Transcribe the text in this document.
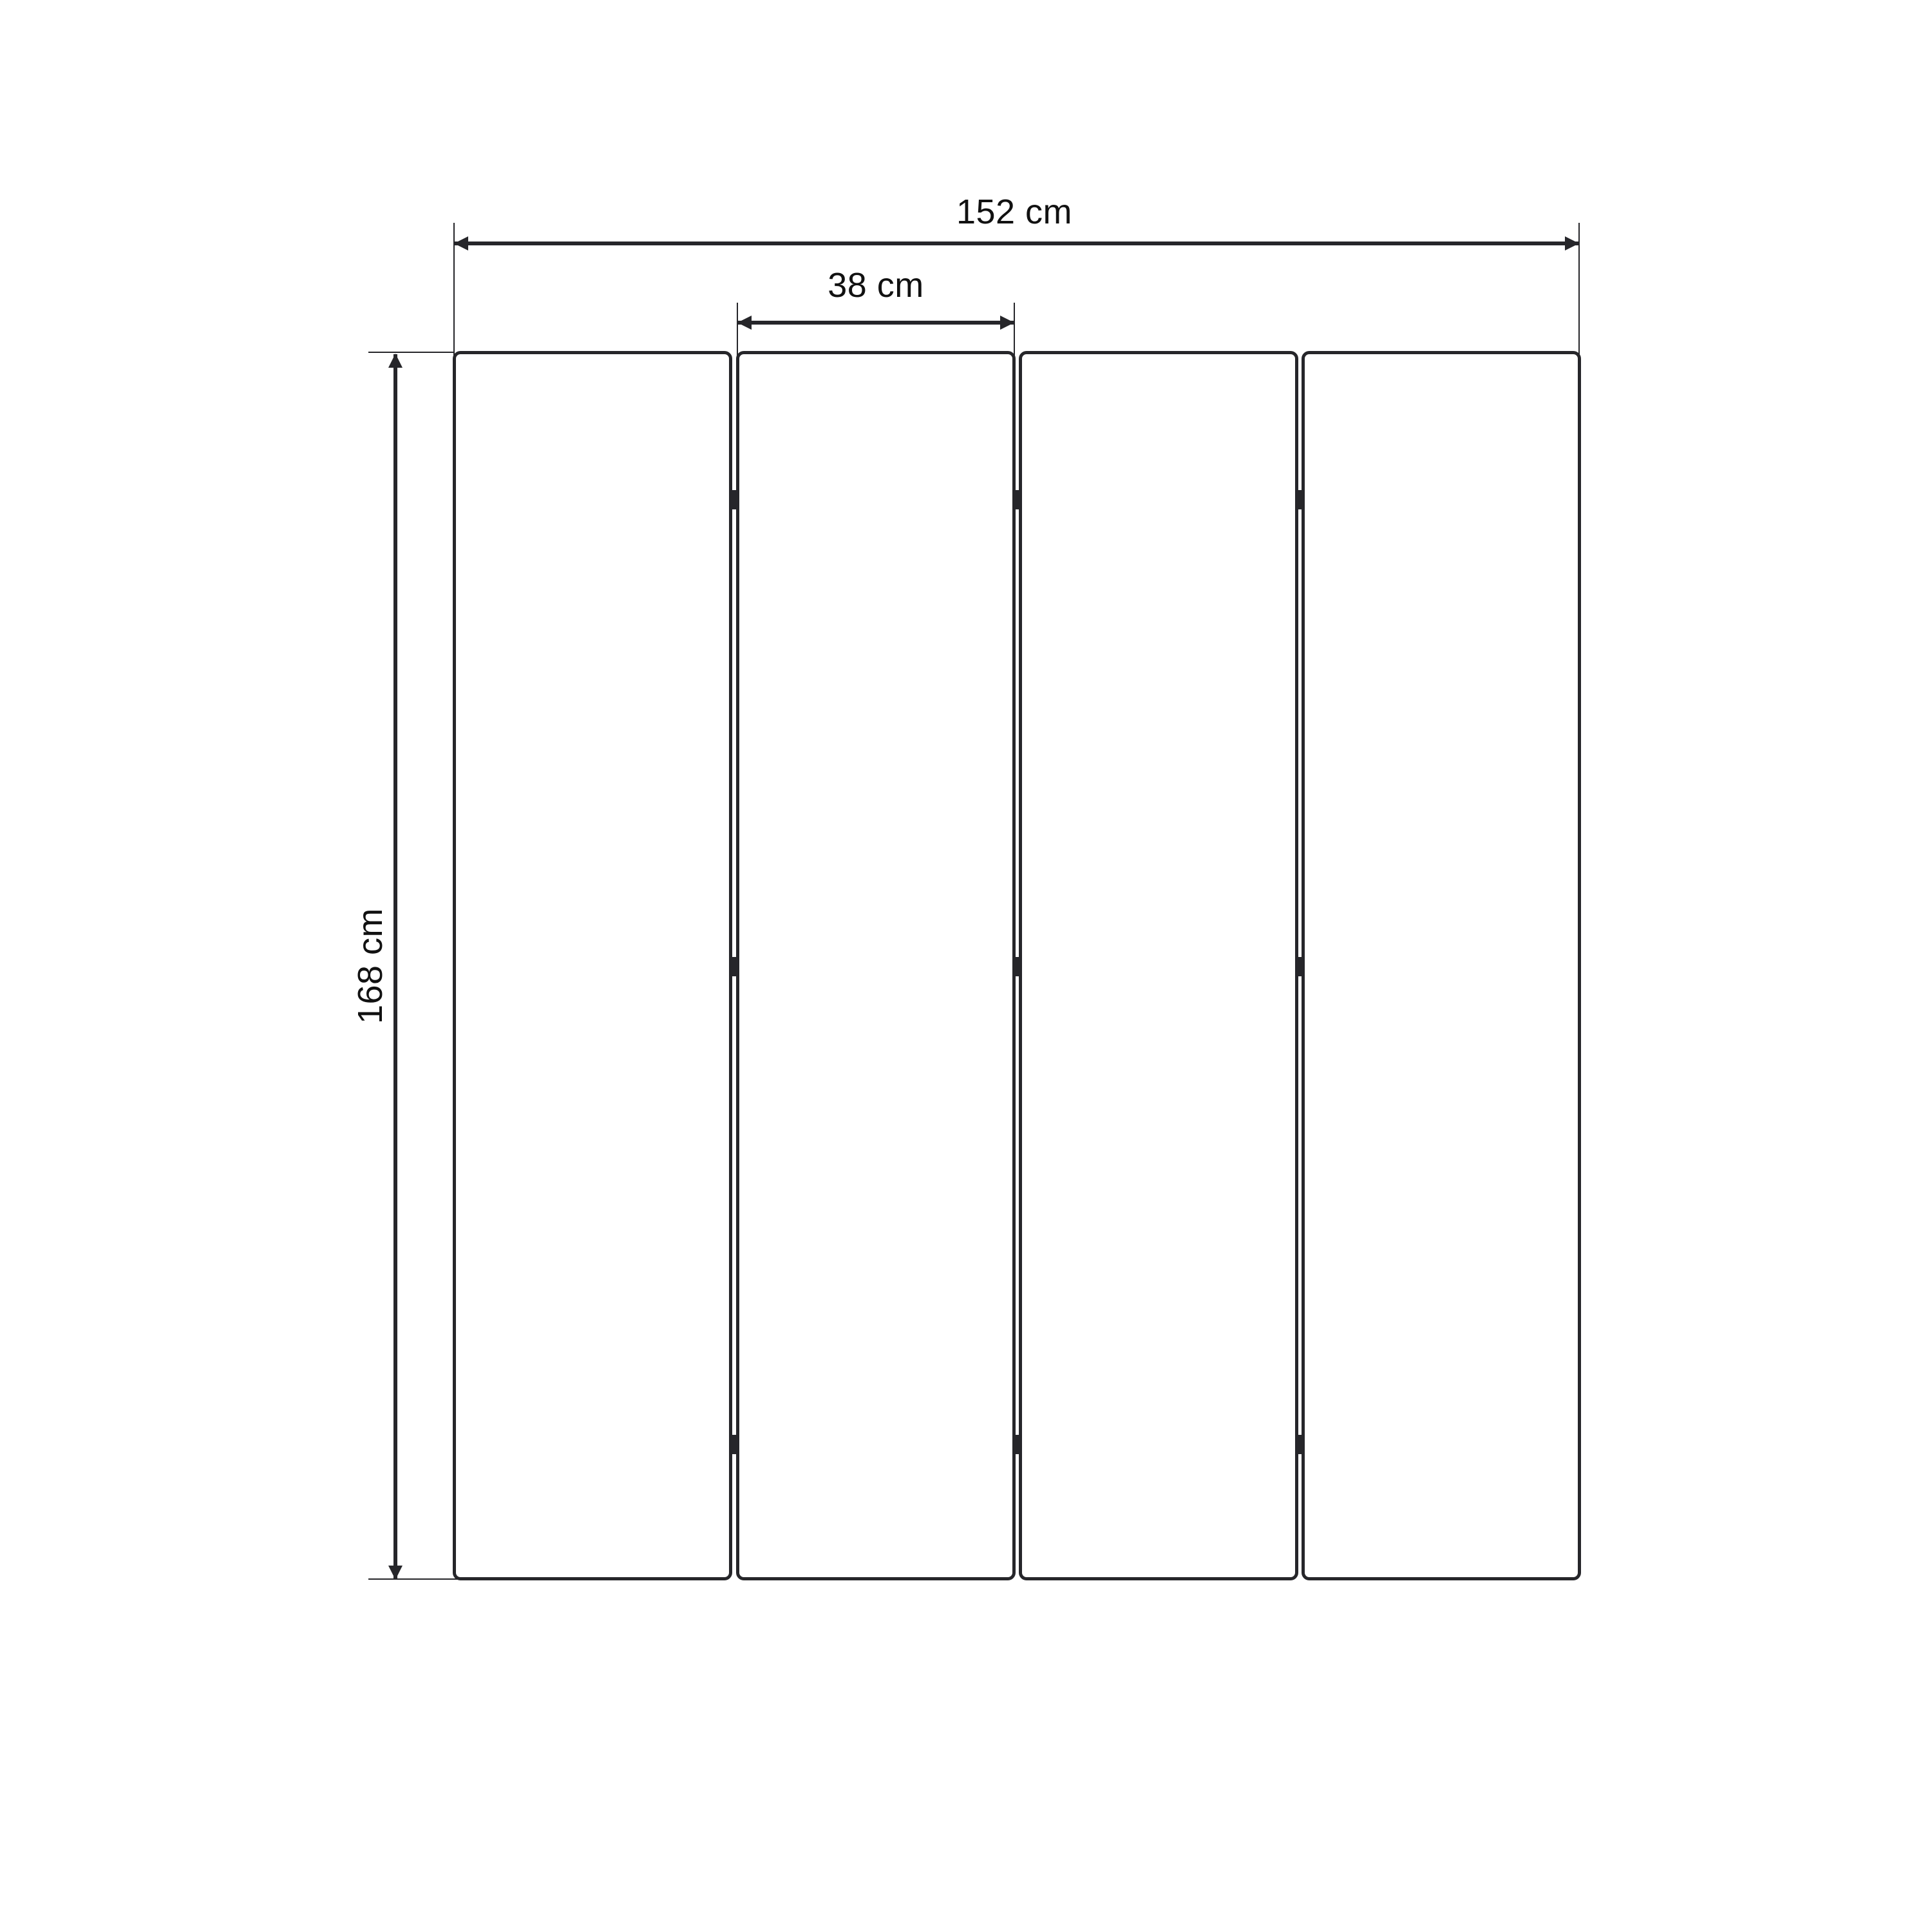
152 cm
38 cm
168 cm
